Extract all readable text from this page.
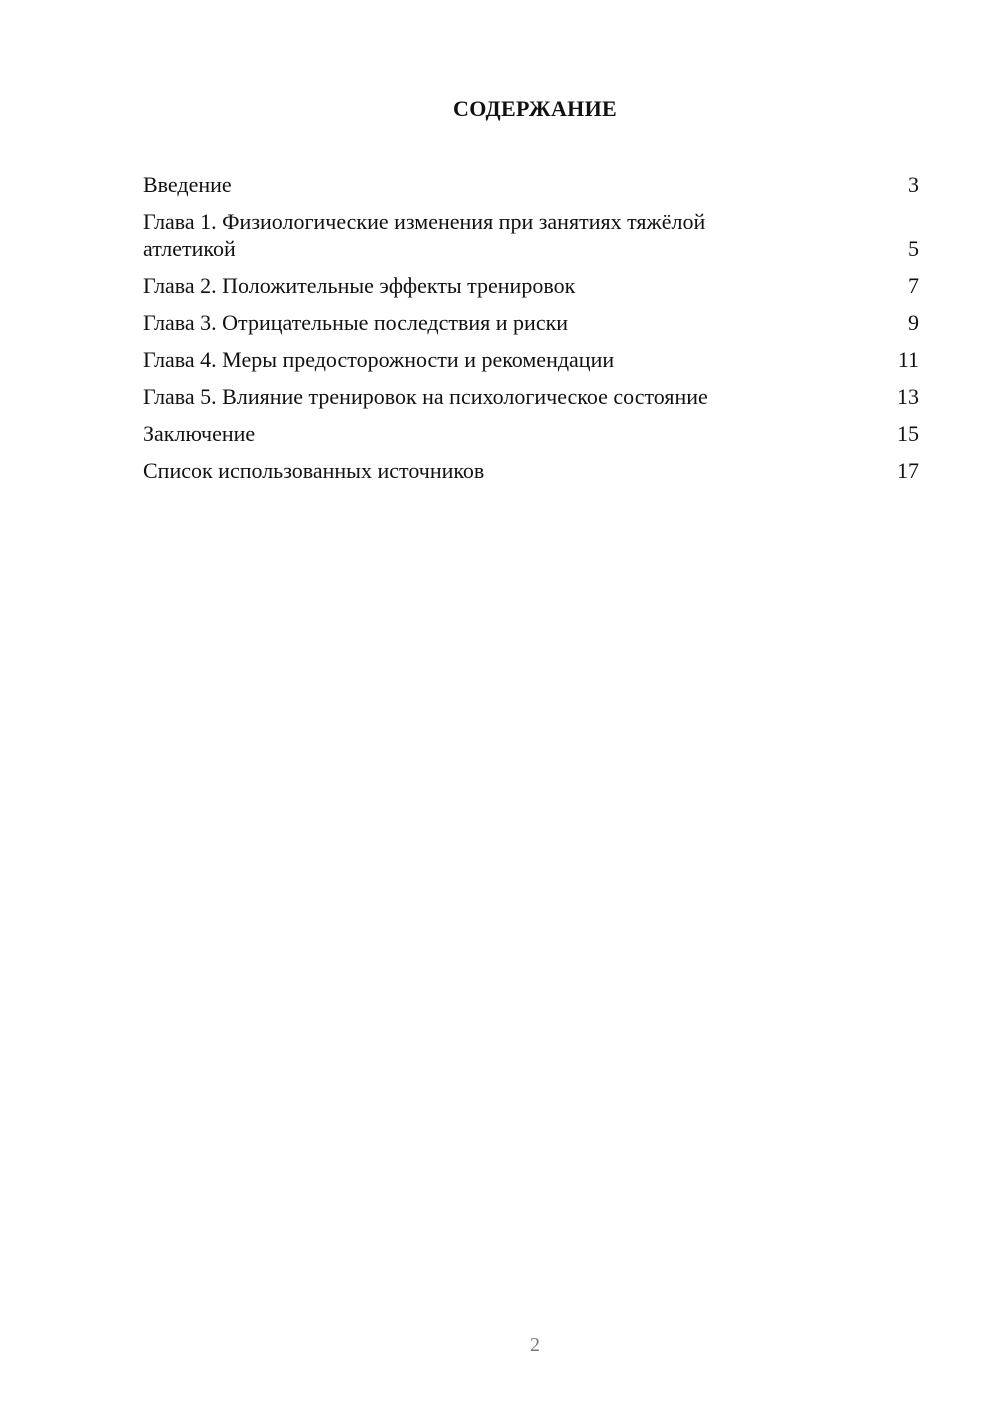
СОДЕРЖАНИЕ
Введение	3
Глава 1. Физиологические изменения при занятиях тяжёлой атлетикой	5
Глава 2. Положительные эффекты тренировок	7
Глава 3. Отрицательные последствия и риски	9
Глава 4. Меры предосторожности и рекомендации	11
Глава 5. Влияние тренировок на психологическое состояние	13
Заключение	15
Список использованных источников	17
2
